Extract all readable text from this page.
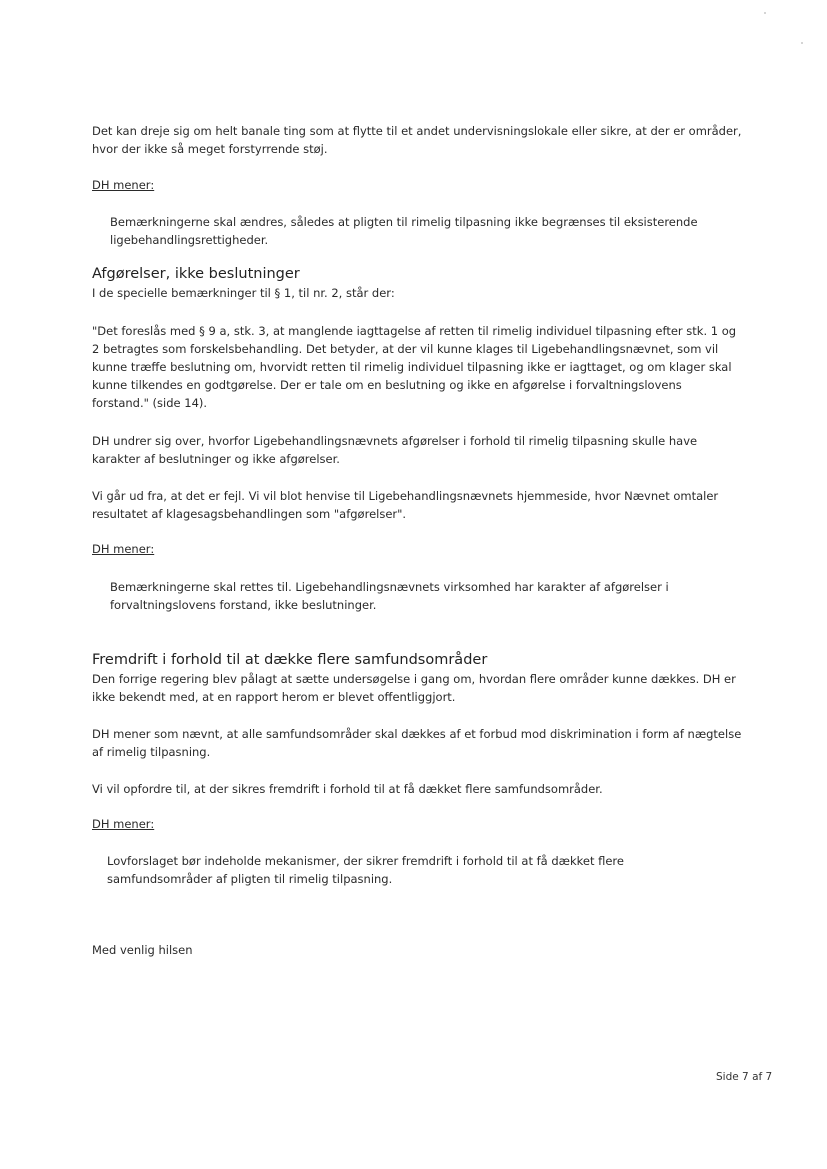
Det kan dreje sig om helt banale ting som at flytte til et andet undervisningslokale eller sikre, at der er områder, hvor der ikke så meget forstyrrende støj.

DH mener:

Bemærkningerne skal ændres, således at pligten til rimelig tilpasning ikke begrænses til eksisterende ligebehandlingsrettigheder.

Afgørelser, ikke beslutninger

I de specielle bemærkninger til § 1, til nr. 2, står der:

"Det foreslås med § 9 a, stk. 3, at manglende iagttagelse af retten til rimelig individuel tilpasning efter stk. 1 og 2 betragtes som forskelsbehandling. Det betyder, at der vil kunne klages til Ligebehandlingsnævnet, som vil kunne træffe beslutning om, hvorvidt retten til rimelig individuel tilpasning ikke er iagttaget, og om klager skal kunne tilkendes en godtgørelse. Der er tale om en beslutning og ikke en afgørelse i forvaltningslovens forstand." (side 14).

DH undrer sig over, hvorfor Ligebehandlingsnævnets afgørelser i forhold til rimelig tilpasning skulle have karakter af beslutninger og ikke afgørelser.

Vi går ud fra, at det er fejl. Vi vil blot henvise til Ligebehandlingsnævnets hjemmeside, hvor Nævnet omtaler resultatet af klagesagsbehandlingen som "afgørelser".

DH mener:

Bemærkningerne skal rettes til. Ligebehandlingsnævnets virksomhed har karakter af afgørelser i forvaltningslovens forstand, ikke beslutninger.

Fremdrift i forhold til at dække flere samfundsområder

Den forrige regering blev pålagt at sætte undersøgelse i gang om, hvordan flere områder kunne dækkes. DH er ikke bekendt med, at en rapport herom er blevet offentliggjort.

DH mener som nævnt, at alle samfundsområder skal dækkes af et forbud mod diskrimination i form af nægtelse af rimelig tilpasning.

Vi vil opfordre til, at der sikres fremdrift i forhold til at få dækket flere samfundsområder.

DH mener:

Lovforslaget bør indeholde mekanismer, der sikrer fremdrift i forhold til at få dækket flere samfundsområder af pligten til rimelig tilpasning.

Med venlig hilsen

Side 7 af 7
